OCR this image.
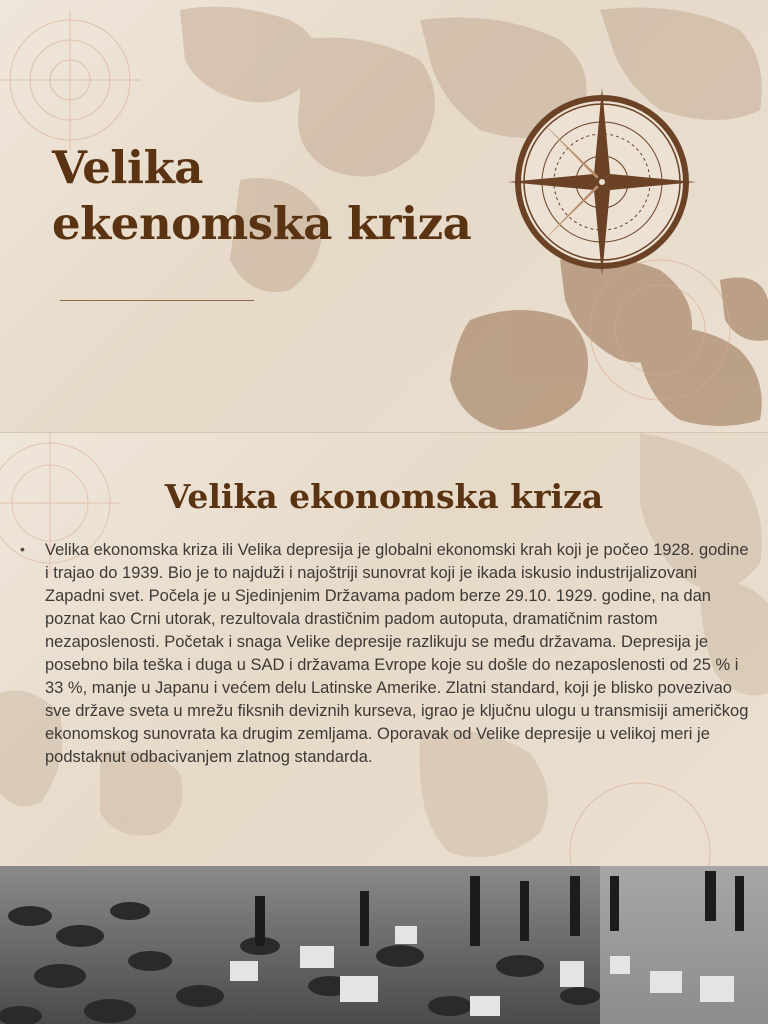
Velika
ekenomska kriza
Velika ekonomska kriza
• Velika ekonomska kriza ili Velika depresija je globalni ekonomski krah koji je počeo 1928. godine i trajao do 1939. Bio je to najduži i najoštriji sunovrat koji je ikada iskusio industrijalizovani Zapadni svet. Počela je u Sjedinjenim Državama padom berze 29.10. 1929. godine, na dan poznat kao Crni utorak, rezultovala drastičnim padom autoputa, dramatičnim rastom nezaposlenosti. Početak i snaga Velike depresije razlikuju se među državama. Depresija je posebno bila teška i duga u SAD i državama Evrope koje su došle do nezaposlenosti od 25 % i 33 %, manje u Japanu i većem delu Latinske Amerike. Zlatni standard, koji je blisko povezivao sve države sveta u mrežu fiksnih deviznih kurseva, igrao je ključnu ulogu u transmisiji američkog ekonomskog sunovrata ka drugim zemljama. Oporavak od Velike depresije u velikoj meri je podstaknut odbacivanjem zlatnog standarda.
